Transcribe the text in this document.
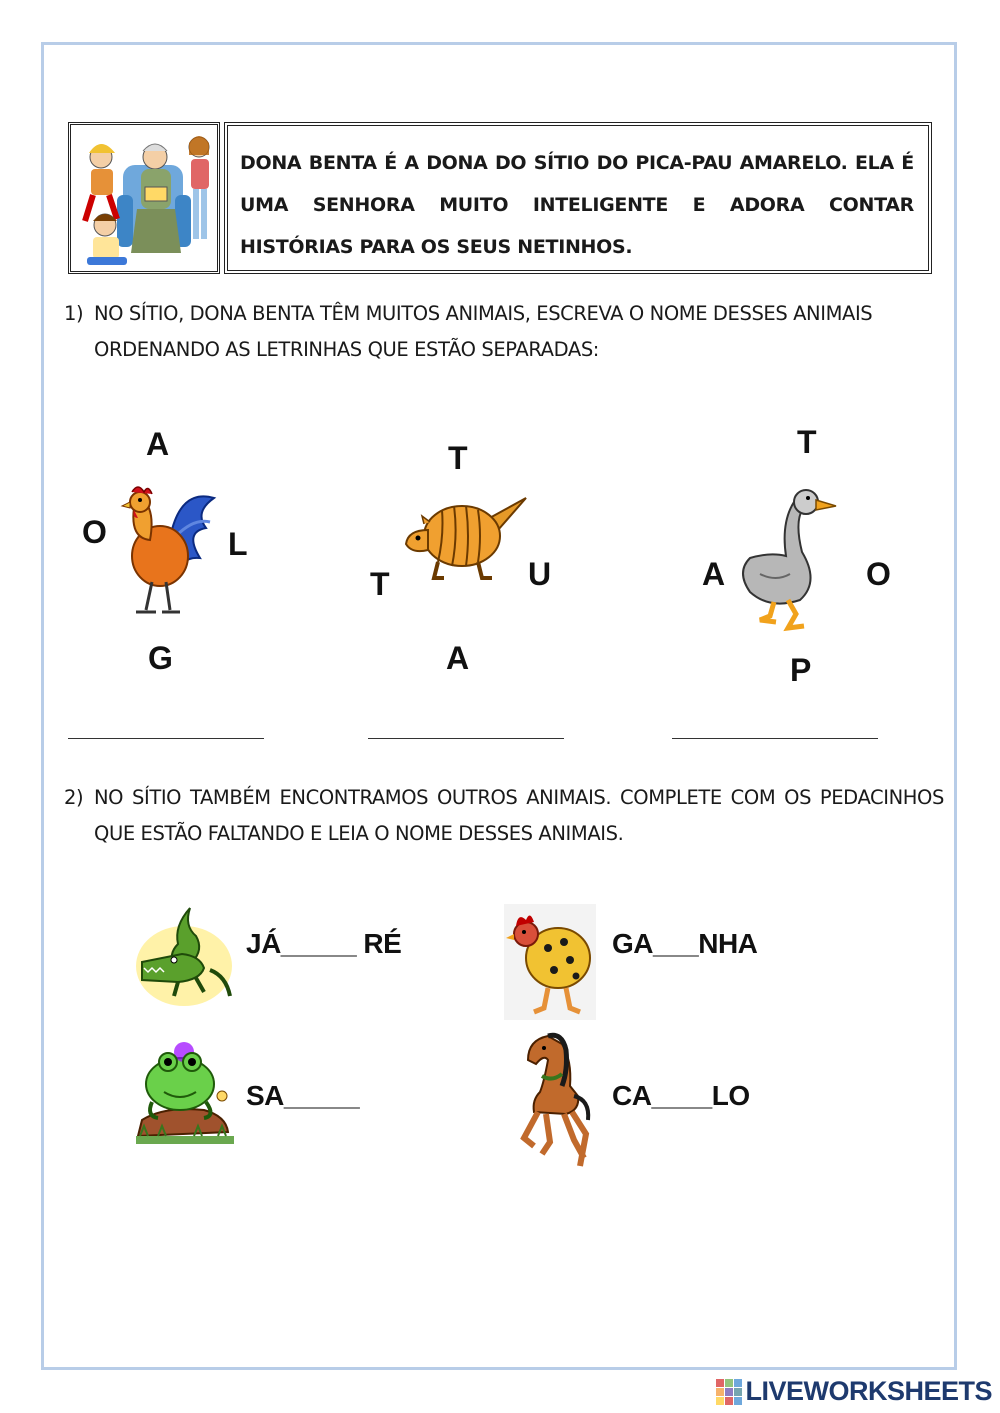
DONA BENTA É A DONA DO SÍTIO DO PICA-PAU AMARELO. ELA É UMA SENHORA MUITO INTELIGENTE E ADORA CONTAR HISTÓRIAS PARA OS SEUS NETINHOS.
1) NO SÍTIO, DONA BENTA TÊM MUITOS ANIMAIS, ESCREVA O NOME DESSES ANIMAIS ORDENANDO AS LETRINHAS QUE ESTÃO SEPARADAS:
A
O	L
G
T
T	U
A
T
A	O
P
2) NO SÍTIO TAMBÉM ENCONTRAMOS OUTROS ANIMAIS. COMPLETE COM OS PEDACINHOS QUE ESTÃO FALTANDO E LEIA O NOME DESSES ANIMAIS.
JÁ_____ RÉ	GA___NHA
SA_____	CA____LO
LIVEWORKSHEETS
